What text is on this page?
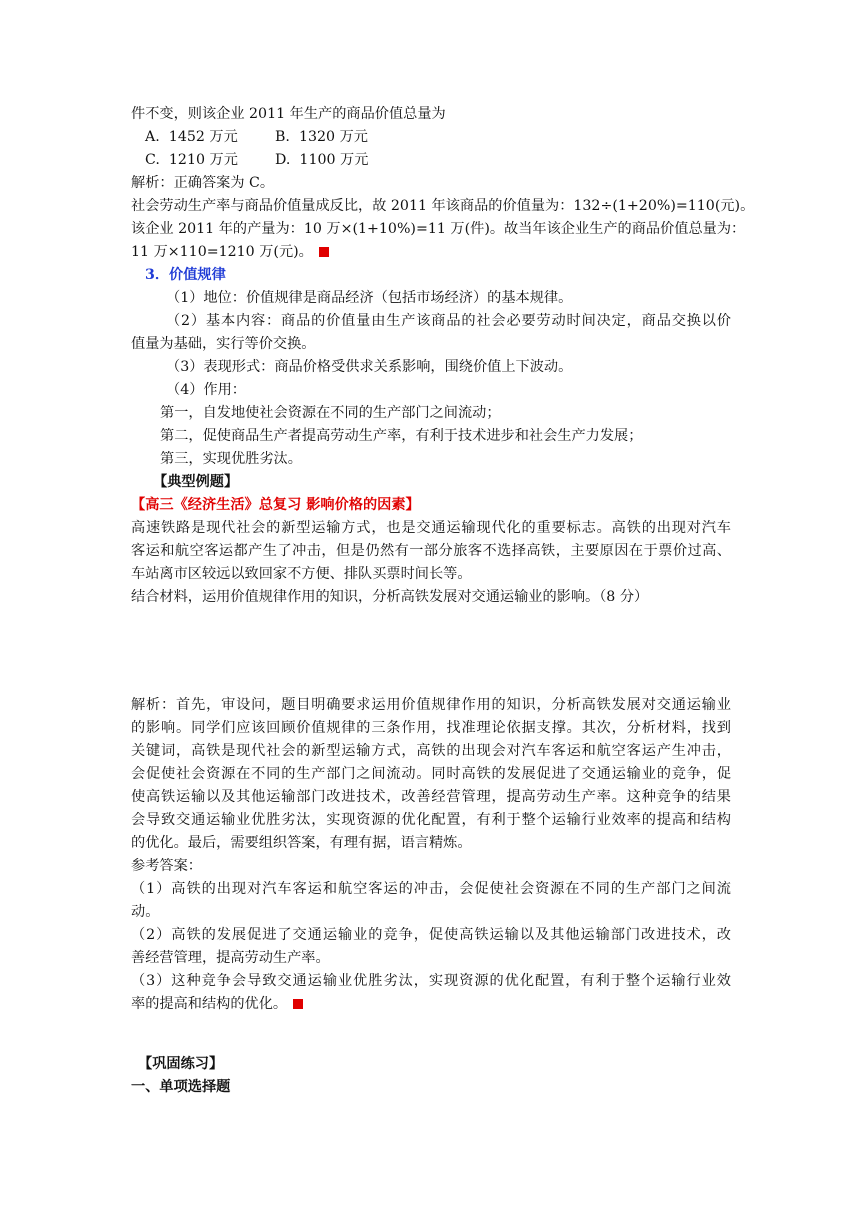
件不变，则该企业 2011 年生产的商品价值总量为
A. 1452 万元	B. 1320 万元
C. 1210 万元	D. 1100 万元
解析：正确答案为 C。
社会劳动生产率与商品价值量成反比，故 2011 年该商品的价值量为：132÷(1+20%)=110(元)。
该企业 2011 年的产量为：10 万×(1+10%)=11 万(件)。故当年该企业生产的商品价值总量为：
11 万×110=1210 万(元)。
3．价值规律
（1）地位：价值规律是商品经济（包括市场经济）的基本规律。
（2）基本内容：商品的价值量由生产该商品的社会必要劳动时间决定，商品交换以价
值量为基础，实行等价交换。
（3）表现形式：商品价格受供求关系影响，围绕价值上下波动。
（4）作用：
第一，自发地使社会资源在不同的生产部门之间流动；
第二，促使商品生产者提高劳动生产率，有利于技术进步和社会生产力发展；
第三，实现优胜劣汰。
【典型例题】
【高三《经济生活》总复习 影响价格的因素】
高速铁路是现代社会的新型运输方式，也是交通运输现代化的重要标志。高铁的出现对汽车
客运和航空客运都产生了冲击，但是仍然有一部分旅客不选择高铁，主要原因在于票价过高、
车站离市区较远以致回家不方便、排队买票时间长等。
结合材料，运用价值规律作用的知识，分析高铁发展对交通运输业的影响。（8 分）
解析：首先，审设问，题目明确要求运用价值规律作用的知识，分析高铁发展对交通运输业
的影响。同学们应该回顾价值规律的三条作用，找准理论依据支撑。其次，分析材料，找到
关键词，高铁是现代社会的新型运输方式，高铁的出现会对汽车客运和航空客运产生冲击，
会促使社会资源在不同的生产部门之间流动。同时高铁的发展促进了交通运输业的竞争，促
使高铁运输以及其他运输部门改进技术，改善经营管理，提高劳动生产率。这种竞争的结果
会导致交通运输业优胜劣汰，实现资源的优化配置，有利于整个运输行业效率的提高和结构
的优化。最后，需要组织答案，有理有据，语言精炼。
参考答案：
（1）高铁的出现对汽车客运和航空客运的冲击，会促使社会资源在不同的生产部门之间流
动。
（2）高铁的发展促进了交通运输业的竞争，促使高铁运输以及其他运输部门改进技术，改
善经营管理，提高劳动生产率。
（3）这种竞争会导致交通运输业优胜劣汰，实现资源的优化配置，有利于整个运输行业效
率的提高和结构的优化。
【巩固练习】
一、单项选择题
